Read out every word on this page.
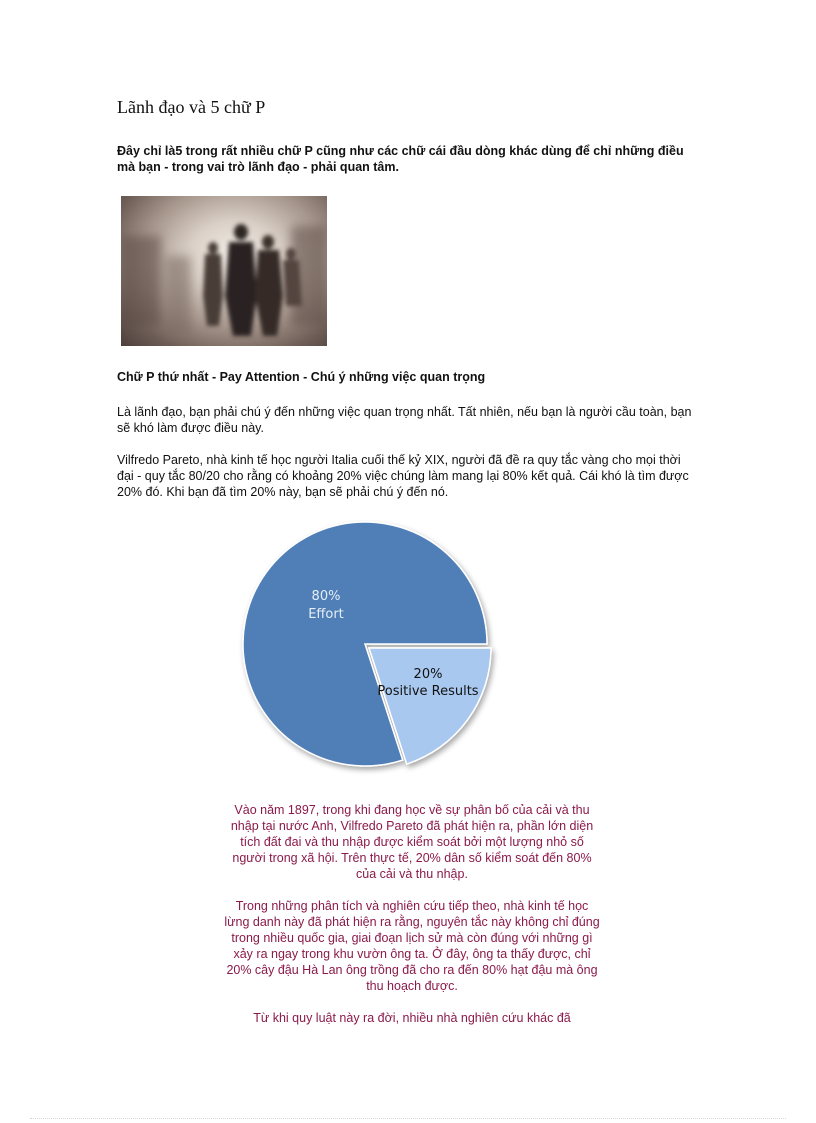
Lãnh đạo và 5 chữ P

Đây chỉ là5 trong rất nhiều chữ P cũng như các chữ cái đầu dòng khác dùng để chỉ những điều mà bạn - trong vai trò lãnh đạo - phải quan tâm.

Chữ P thứ nhất - Pay Attention - Chú ý những việc quan trọng

Là lãnh đạo, bạn phải chú ý đến những việc quan trọng nhất. Tất nhiên, nếu bạn là người cầu toàn, bạn sẽ khó làm được điều này.

Vilfredo Pareto, nhà kinh tế học người Italia cuối thế kỷ XIX, người đã đề ra quy tắc vàng cho mọi thời đại - quy tắc 80/20 cho rằng có khoảng 20% việc chúng làm mang lại 80% kết quả. Cái khó là tìm được 20% đó. Khi bạn đã tìm 20% này, bạn sẽ phải chú ý đến nó.

80%
Effort
20%
Positive Results

Vào năm 1897, trong khi đang học về sự phân bố của cải và thu nhập tại nước Anh, Vilfredo Pareto đã phát hiện ra, phần lớn diện tích đất đai và thu nhập được kiểm soát bởi một lượng nhỏ số người trong xã hội. Trên thực tế, 20% dân số kiểm soát đến 80% của cải và thu nhập.

Trong những phân tích và nghiên cứu tiếp theo, nhà kinh tế học lừng danh này đã phát hiện ra rằng, nguyên tắc này không chỉ đúng trong nhiều quốc gia, giai đoạn lịch sử mà còn đúng với những gì xảy ra ngay trong khu vườn ông ta. Ở đây, ông ta thấy được, chỉ 20% cây đậu Hà Lan ông trồng đã cho ra đến 80% hạt đậu mà ông thu hoạch được.

Từ khi quy luật này ra đời, nhiều nhà nghiên cứu khác đã
